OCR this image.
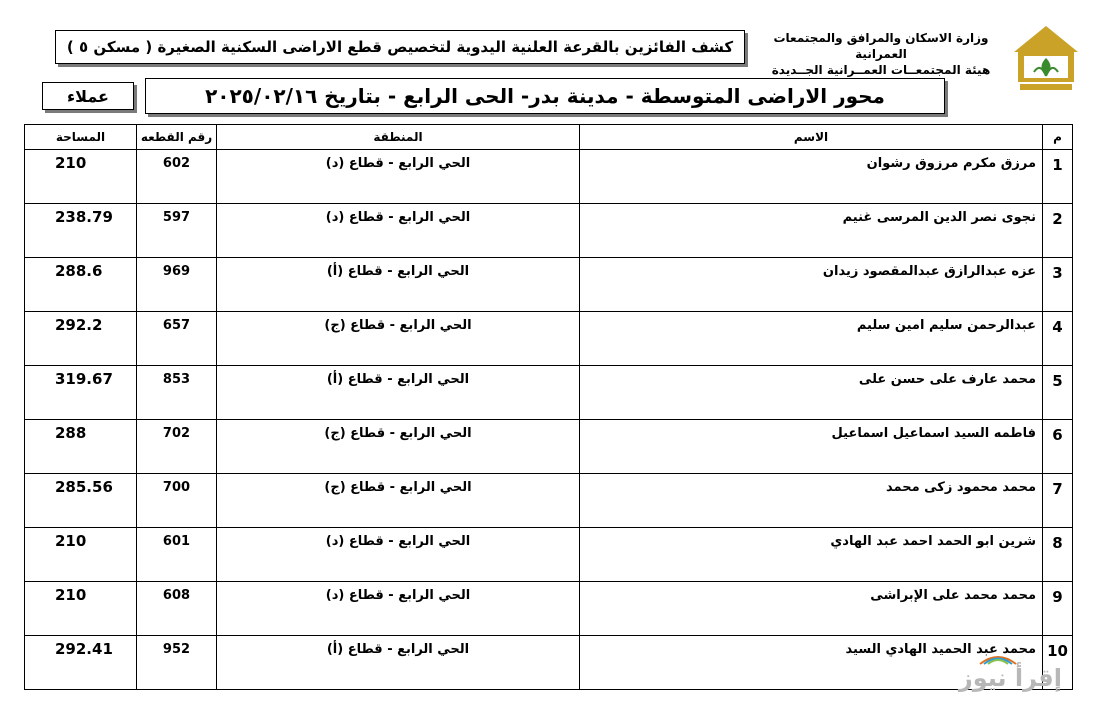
وزارة الاسكان والمرافق والمجتمعات العمرانية
هيئة المجتمعــات العمــرانية الجــديدة
كشف الفائزين بالقرعة العلنية اليدوية لتخصيص قطع الاراضى السكنية الصغيرة ( مسكن ٥ )
محور الاراضى المتوسطة - مدينة بدر- الحى الرابع - بتاريخ ٢٠٢٥/٠٢/١٦
عملاء
المساحة	رقم القطعه	المنطقة	الاسم	م
210	602	الحي الرابع - قطاع (د)	مرزق مكرم مرزوق رشوان	1
238.79	597	الحي الرابع - قطاع (د)	نجوى نصر الدين المرسى غنيم	2
288.6	969	الحي الرابع - قطاع (أ)	عزه عبدالرازق عبدالمقصود زيدان	3
292.2	657	الحي الرابع - قطاع (ج)	عبدالرحمن سليم امين سليم	4
319.67	853	الحي الرابع - قطاع (أ)	محمد عارف على حسن على	5
288	702	الحي الرابع - قطاع (ج)	فاطمه السيد اسماعيل اسماعيل	6
285.56	700	الحي الرابع - قطاع (ج)	محمد محمود زكى محمد	7
210	601	الحي الرابع - قطاع (د)	شرين ابو الحمد احمد عبد الهادي	8
210	608	الحي الرابع - قطاع (د)	محمد محمد على الإبراشى	9
292.41	952	الحي الرابع - قطاع (أ)	محمد عبد الحميد الهادي السيد	10
إقرأ نيوز
